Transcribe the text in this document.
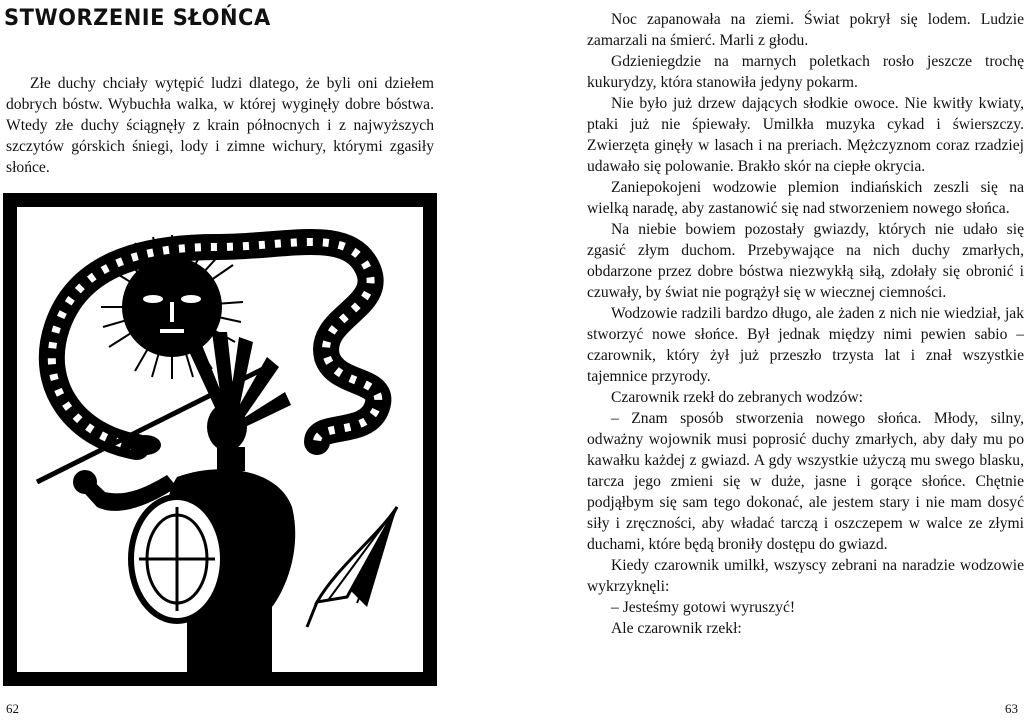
STWORZENIE SŁOŃCA

Złe duchy chciały wytępić ludzi dlatego, że byli oni dziełem dobrych bóstw. Wybuchła walka, w której wyginęły dobre bóstwa. Wtedy złe duchy ściągnęły z krain północnych i z najwyższych szczytów górskich śniegi, lody i zimne wichury, którymi zgasiły słońce.

62

Noc zapanowała na ziemi. Świat pokrył się lodem. Ludzie zamarzali na śmierć. Marli z głodu.

Gdzieniegdzie na marnych poletkach rosło jeszcze trochę kukurydzy, która stanowiła jedyny pokarm.

Nie było już drzew dających słodkie owoce. Nie kwitły kwiaty, ptaki już nie śpiewały. Umilkła muzyka cykad i świerszczy. Zwierzęta ginęły w lasach i na preriach. Mężczyznom coraz rzadziej udawało się polowanie. Brakło skór na ciepłe okrycia.

Zaniepokojeni wodzowie plemion indiańskich zeszli się na wielką naradę, aby zastanowić się nad stworzeniem nowego słońca.

Na niebie bowiem pozostały gwiazdy, których nie udało się zgasić złym duchom. Przebywające na nich duchy zmarłych, obdarzone przez dobre bóstwa niezwykłą siłą, zdołały się obronić i czuwały, by świat nie pogrążył się w wiecznej ciemności.

Wodzowie radzili bardzo długo, ale żaden z nich nie wiedział, jak stworzyć nowe słońce. Był jednak między nimi pewien sabio – czarownik, który żył już przeszło trzysta lat i znał wszystkie tajemnice przyrody.

Czarownik rzekł do zebranych wodzów:

– Znam sposób stworzenia nowego słońca. Młody, silny, odważny wojownik musi poprosić duchy zmarłych, aby dały mu po kawałku każdej z gwiazd. A gdy wszystkie użyczą mu swego blasku, tarcza jego zmieni się w duże, jasne i gorące słońce. Chętnie podjąłbym się sam tego dokonać, ale jestem stary i nie mam dosyć siły i zręczności, aby władać tarczą i oszczepem w walce ze złymi duchami, które będą broniły dostępu do gwiazd.

Kiedy czarownik umilkł, wszyscy zebrani na naradzie wodzowie wykrzyknęli:

– Jesteśmy gotowi wyruszyć!

Ale czarownik rzekł:

63
